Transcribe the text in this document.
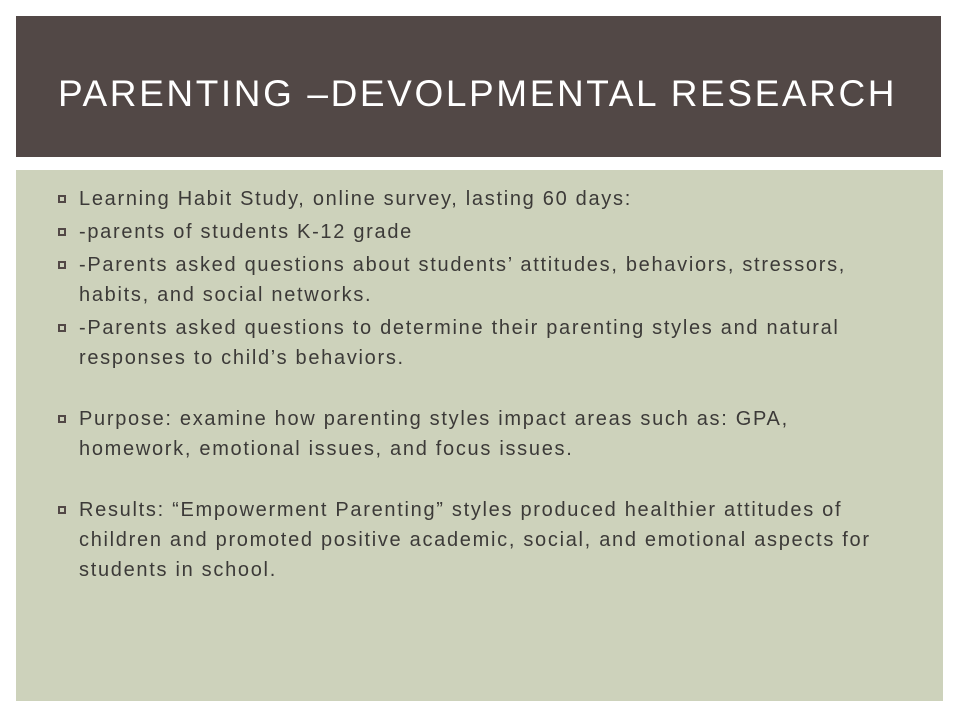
PARENTING –DEVOLPMENTAL RESEARCH
Learning Habit Study, online survey, lasting 60 days:
-parents of students K-12 grade
-Parents asked questions about students’ attitudes, behaviors, stressors, habits, and social networks.
-Parents asked questions to determine their parenting styles and natural responses to child’s behaviors.
Purpose: examine how parenting styles impact areas such as: GPA, homework, emotional issues, and focus issues.
Results: “Empowerment Parenting” styles produced healthier attitudes of children and promoted positive academic, social, and emotional aspects for students in school.
